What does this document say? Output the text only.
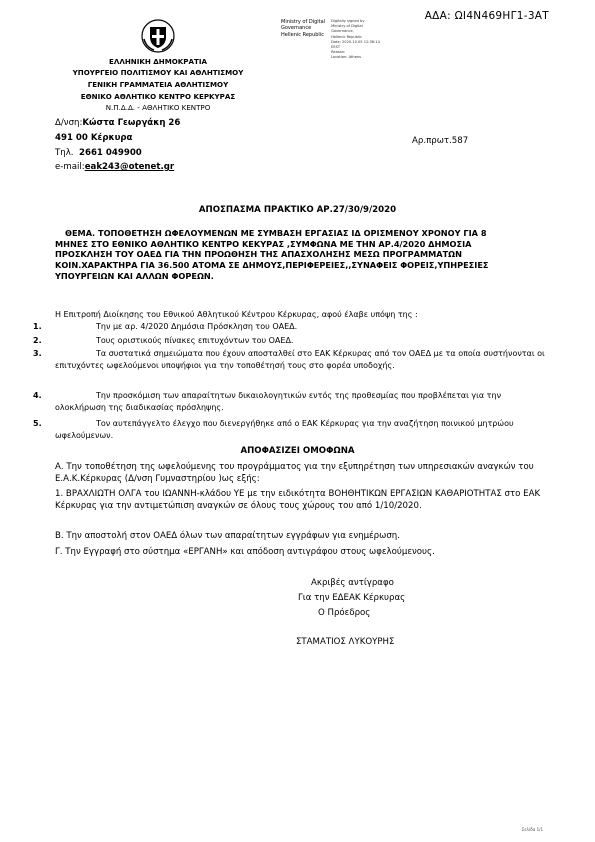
ΑΔΑ: ΩΙ4Ν469ΗΓ1-3ΑΤ
Ministry of Digital
Governance
Hellenic Republic
Digitally signed by
Ministry of Digital
Governance,
Hellenic Republic
Date: 2020.10.05 12:38:14
EEST
Reason:
Location: Athens
ΕΛΛΗΝΙΚΗ ΔΗΜΟΚΡΑΤΙΑ
ΥΠΟΥΡΓΕΙΟ ΠΟΛΙΤΙΣΜΟΥ ΚΑΙ ΑΘΛΗΤΙΣΜΟΥ
ΓΕΝΙΚΗ ΓΡΑΜΜΑΤΕΙΑ ΑΘΛΗΤΙΣΜΟΥ
ΕΘΝΙΚΟ ΑΘΛΗΤΙΚΟ ΚΕΝΤΡΟ ΚΕΡΚΥΡΑΣ
Ν.Π.Δ.Δ. - ΑΘΛΗΤΙΚΟ ΚΕΝΤΡΟ
Δ/νση:Κώστα Γεωργάκη 26
491 00 Κέρκυρα
Τηλ. 2661 049900
e-mail:eak243@otenet.gr
Αρ.πρωτ.587
ΑΠΟΣΠΑΣΜΑ ΠΡΑΚΤΙΚΟ ΑΡ.27/30/9/2020
ΘΕΜΑ. ΤΟΠΟΘΕΤΗΣΗ ΩΦΕΛΟΥΜΕΝΩΝ ΜΕ ΣΥΜΒΑΣΗ ΕΡΓΑΣΙΑΣ ΙΔ ΟΡΙΣΜΕΝΟΥ ΧΡΟΝΟΥ ΓΙΑ 8
ΜΗΝΕΣ ΣΤΟ ΕΘΝΙΚΟ ΑΘΛΗΤΙΚΟ ΚΕΝΤΡΟ ΚΕΚΥΡΑΣ ,ΣΥΜΦΩΝΑ ΜΕ ΤΗΝ ΑΡ.4/2020 ΔΗΜΟΣΙΑ
ΠΡΟΣΚΛΗΣΗ ΤΟΥ ΟΑΕΔ ΓΙΑ ΤΗΝ ΠΡΟΩΘΗΣΗ ΤΗΣ ΑΠΑΣΧΟΛΗΣΗΣ ΜΕΣΩ ΠΡΟΓΡΑΜΜΑΤΩΝ
ΚΟΙΝ.ΧΑΡΑΚΤΗΡΑ ΓΙΑ 36.500 ΑΤΟΜΑ ΣΕ ΔΗΜΟΥΣ,ΠΕΡΙΦΕΡΕΙΕΣ,,ΣΥΝΑΦΕΙΣ ΦΟΡΕΙΣ,ΥΠΗΡΕΣΙΕΣ
ΥΠΟΥΡΓΕΙΩΝ ΚΑΙ ΑΛΛΩΝ ΦΟΡΕΩΝ.
Η Επιτροπή Διοίκησης του Εθνικού Αθλητικού Κέντρου Κέρκυρας, αφού έλαβε υπόψη της :
1.	Την με αρ. 4/2020 Δημόσια Πρόσκληση του ΟΑΕΔ.
2.	Τους οριστικούς πίνακες επιτυχόντων του ΟΑΕΔ.
3.	Τα συστατικά σημειώματα που έχουν αποσταλθεί στο ΕΑΚ Κέρκυρας από τον ΟΑΕΔ με τα οποία συστήνονται οι επιτυχόντες ωφελούμενοι υποψήφιοι για την τοποθέτησή τους στο φορέα υποδοχής.
4.	Την προσκόμιση των απαραίτητων δικαιολογητικών εντός της προθεσμίας που προβλέπεται για την ολοκλήρωση της διαδικασίας πρόσληψης.
5.	Τον αυτεπάγγελτο έλεγχο που διενεργήθηκε από ο ΕΑΚ Κέρκυρας για την αναζήτηση ποινικού μητρώου ωφελούμενων.
ΑΠΟΦΑΣΙΖΕΙ ΟΜΟΦΩΝΑ
Α. Την τοποθέτηση της ωφελούμενης του προγράμματος για την εξυπηρέτηση των υπηρεσιακών αναγκών του Ε.Α.Κ.Κέρκυρας (Δ/νση Γυμναστηρίου )ως εξής:
1. ΒΡΑΧΛΙΩΤΗ ΟΛΓΑ του ΙΩΑΝΝΗ-κλάδου ΥΕ με την ειδικότητα ΒΟΗΘΗΤΙΚΩΝ ΕΡΓΑΣΙΩΝ ΚΑΘΑΡΙΟΤΗΤΑΣ στο ΕΑΚ Κέρκυρας για την αντιμετώπιση αναγκών σε όλους τους χώρους του από 1/10/2020.
Β. Την αποστολή στον ΟΑΕΔ όλων των απαραίτητων εγγράφων για ενημέρωση.
Γ. Την Εγγραφή στο σύστημα «ΕΡΓΑΝΗ» και απόδοση αντιγράφου στους ωφελούμενους.
Ακριβές αντίγραφο
Για την ΕΔΕΑΚ Κέρκυρας
Ο Πρόεδρος
ΣΤΑΜΑΤΙΟΣ ΛΥΚΟΥΡΗΣ
Σελίδα 1/1
